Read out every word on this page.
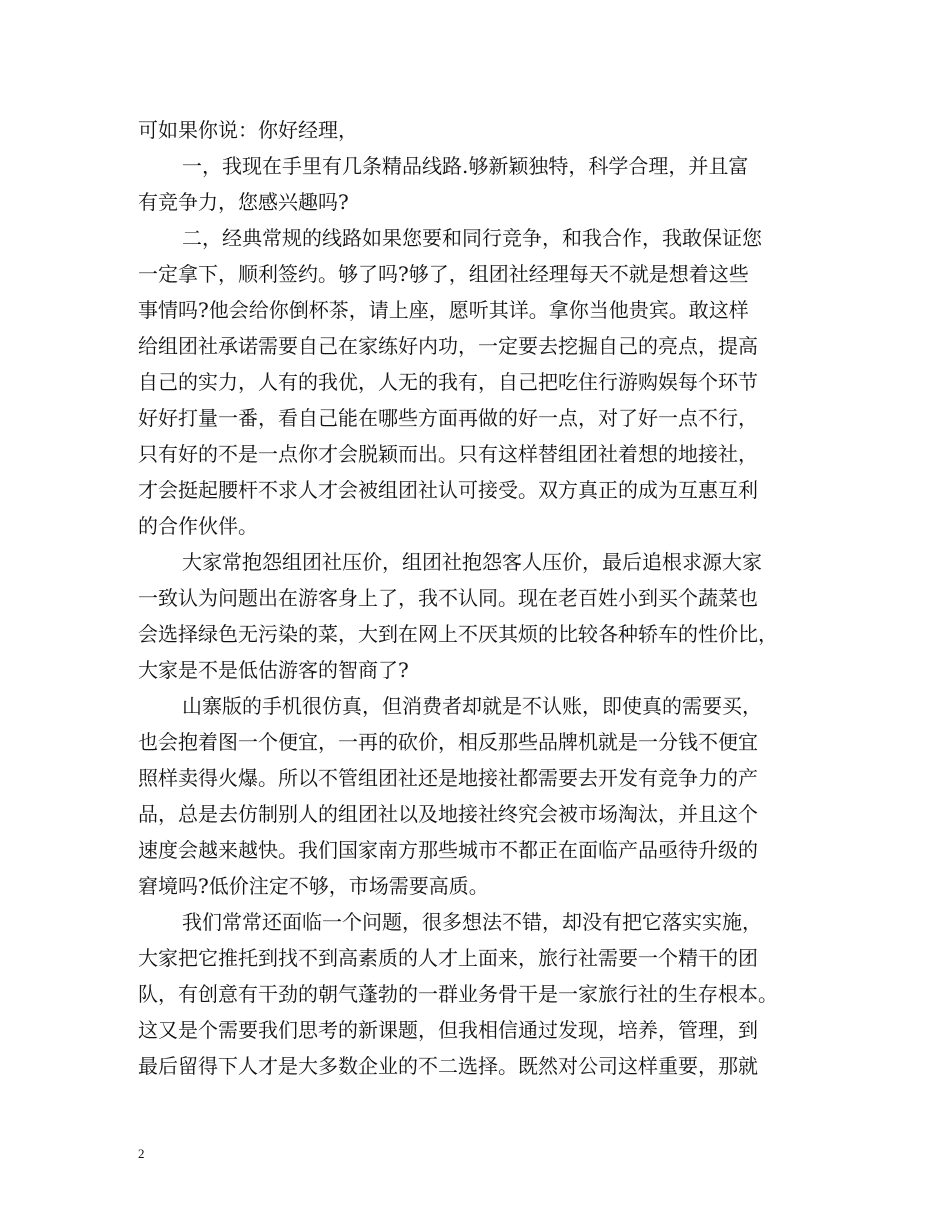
可如果你说：你好经理，
一，我现在手里有几条精品线路.够新颖独特，科学合理，并且富
有竞争力，您感兴趣吗?
二，经典常规的线路如果您要和同行竞争，和我合作，我敢保证您
一定拿下，顺利签约。够了吗?够了，组团社经理每天不就是想着这些
事情吗?他会给你倒杯茶，请上座，愿听其详。拿你当他贵宾。敢这样
给组团社承诺需要自己在家练好内功，一定要去挖掘自己的亮点，提高
自己的实力，人有的我优，人无的我有，自己把吃住行游购娱每个环节
好好打量一番，看自己能在哪些方面再做的好一点，对了好一点不行，
只有好的不是一点你才会脱颖而出。只有这样替组团社着想的地接社，
才会挺起腰杆不求人才会被组团社认可接受。双方真正的成为互惠互利
的合作伙伴。
大家常抱怨组团社压价，组团社抱怨客人压价，最后追根求源大家
一致认为问题出在游客身上了，我不认同。现在老百姓小到买个蔬菜也
会选择绿色无污染的菜，大到在网上不厌其烦的比较各种轿车的性价比，
大家是不是低估游客的智商了?
山寨版的手机很仿真，但消费者却就是不认账，即使真的需要买，
也会抱着图一个便宜，一再的砍价，相反那些品牌机就是一分钱不便宜
照样卖得火爆。所以不管组团社还是地接社都需要去开发有竞争力的产
品，总是去仿制别人的组团社以及地接社终究会被市场淘汰，并且这个
速度会越来越快。我们国家南方那些城市不都正在面临产品亟待升级的
窘境吗?低价注定不够，市场需要高质。
我们常常还面临一个问题，很多想法不错，却没有把它落实实施，
大家把它推托到找不到高素质的人才上面来，旅行社需要一个精干的团
队，有创意有干劲的朝气蓬勃的一群业务骨干是一家旅行社的生存根本。
这又是个需要我们思考的新课题，但我相信通过发现，培养，管理，到
最后留得下人才是大多数企业的不二选择。既然对公司这样重要，那就
2
